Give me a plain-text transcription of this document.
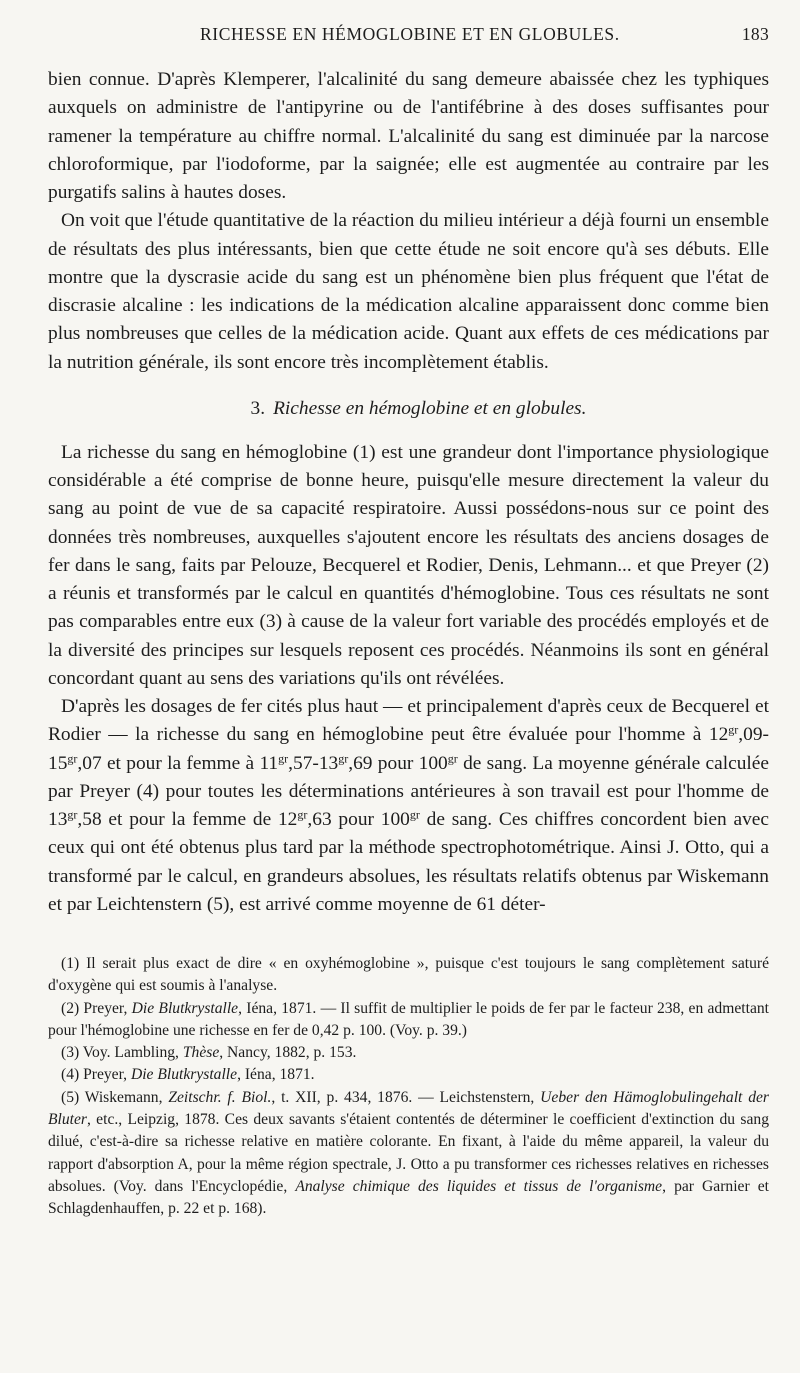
RICHESSE EN HÉMOGLOBINE ET EN GLOBULES.	183

bien connue. D'après Klemperer, l'alcalinité du sang demeure abaissée chez les typhiques auxquels on administre de l'antipyrine ou de l'antifébrine à des doses suffisantes pour ramener la température au chiffre normal. L'alcalinité du sang est diminuée par la narcose chloroformique, par l'iodoforme, par la saignée; elle est augmentée au contraire par les purgatifs salins à hautes doses.

On voit que l'étude quantitative de la réaction du milieu intérieur a déjà fourni un ensemble de résultats des plus intéressants, bien que cette étude ne soit encore qu'à ses débuts. Elle montre que la dyscrasie acide du sang est un phénomène bien plus fréquent que l'état de discrasie alcaline : les indications de la médication alcaline apparaissent donc comme bien plus nombreuses que celles de la médication acide. Quant aux effets de ces médications par la nutrition générale, ils sont encore très incomplètement établis.

3. Richesse en hémoglobine et en globules.

La richesse du sang en hémoglobine (1) est une grandeur dont l'importance physiologique considérable a été comprise de bonne heure, puisqu'elle mesure directement la valeur du sang au point de vue de sa capacité respiratoire. Aussi possédons-nous sur ce point des données très nombreuses, auxquelles s'ajoutent encore les résultats des anciens dosages de fer dans le sang, faits par Pelouze, Becquerel et Rodier, Denis, Lehmann... et que Preyer (2) a réunis et transformés par le calcul en quantités d'hémoglobine. Tous ces résultats ne sont pas comparables entre eux (3) à cause de la valeur fort variable des procédés employés et de la diversité des principes sur lesquels reposent ces procédés. Néanmoins ils sont en général concordant quant au sens des variations qu'ils ont révélées.

D'après les dosages de fer cités plus haut — et principalement d'après ceux de Becquerel et Rodier — la richesse du sang en hémoglobine peut être évaluée pour l'homme à $12^{gr},09-15^{gr},07$ et pour la femme à $11^{gr},57-13^{gr},69$ pour $100^{gr}$ de sang. La moyenne générale calculée par Preyer (4) pour toutes les déterminations antérieures à son travail est pour l'homme de $13^{gr},58$ et pour la femme de $12^{gr},63$ pour $100^{gr}$ de sang. Ces chiffres concordent bien avec ceux qui ont été obtenus plus tard par la méthode spectrophotométrique. Ainsi J. Otto, qui a transformé par le calcul, en grandeurs absolues, les résultats relatifs obtenus par Wiskemann et par Leichtenstern (5), est arrivé comme moyenne de 61 déter-

(1) Il serait plus exact de dire « en oxyhémoglobine », puisque c'est toujours le sang complètement saturé d'oxygène qui est soumis à l'analyse.

(2) Preyer, Die Blutkrystalle, Iéna, 1871. — Il suffit de multiplier le poids de fer par le facteur 238, en admettant pour l'hémoglobine une richesse en fer de 0,42 p. 100. (Voy. p. 39.)

(3) Voy. Lambling, Thèse, Nancy, 1882, p. 153.

(4) Preyer, Die Blutkrystalle, Iéna, 1871.

(5) Wiskemann, Zeitschr. f. Biol., t. XII, p. 434, 1876. — Leichstenstern, Ueber den Hämoglobulingehalt der Bluter, etc., Leipzig, 1878. Ces deux savants s'étaient contentés de déterminer le coefficient d'extinction du sang dilué, c'est-à-dire sa richesse relative en matière colorante. En fixant, à l'aide du même appareil, la valeur du rapport d'absorption A, pour la même région spectrale, J. Otto a pu transformer ces richesses relatives en richesses absolues. (Voy. dans l'Encyclopédie, Analyse chimique des liquides et tissus de l'organisme, par Garnier et Schlagdenhauffen, p. 22 et p. 168).
